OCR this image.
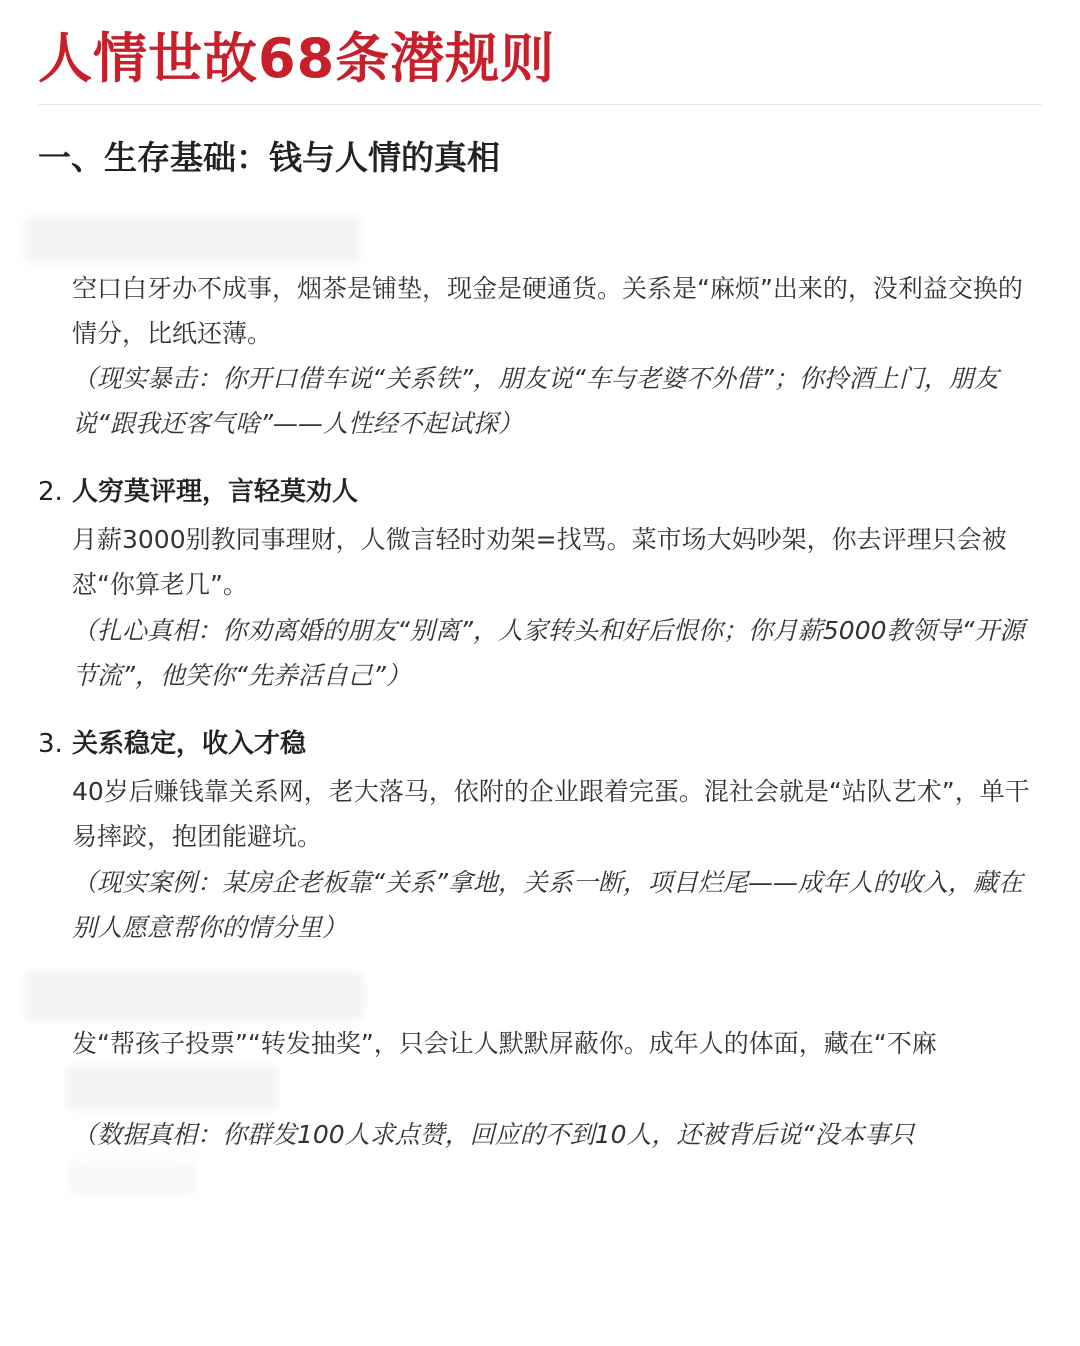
人情世故68条潜规则
一、生存基础：钱与人情的真相
空口白牙办不成事，烟茶是铺垫，现金是硬通货。关系是“麻烦”出来的，没利益交换的情分，比纸还薄。
（现实暴击：你开口借车说“关系铁”，朋友说“车与老婆不外借”；你拎酒上门，朋友说“跟我还客气啥”——人性经不起试探）
2. 人穷莫评理，言轻莫劝人
月薪3000别教同事理财，人微言轻时劝架=找骂。菜市场大妈吵架，你去评理只会被怼“你算老几”。
（扎心真相：你劝离婚的朋友“别离”，人家转头和好后恨你；你月薪5000教领导“开源节流”，他笑你“先养活自己”）
3. 关系稳定，收入才稳
40岁后赚钱靠关系网，老大落马，依附的企业跟着完蛋。混社会就是“站队艺术”，单干易摔跤，抱团能避坑。
（现实案例：某房企老板靠“关系”拿地，关系一断，项目烂尾——成年人的收入，藏在别人愿意帮你的情分里）
发“帮孩子投票”“转发抽奖”，只会让人默默屏蔽你。成年人的体面，藏在“不麻
（数据真相：你群发100人求点赞，回应的不到10人，还被背后说“没本事只
